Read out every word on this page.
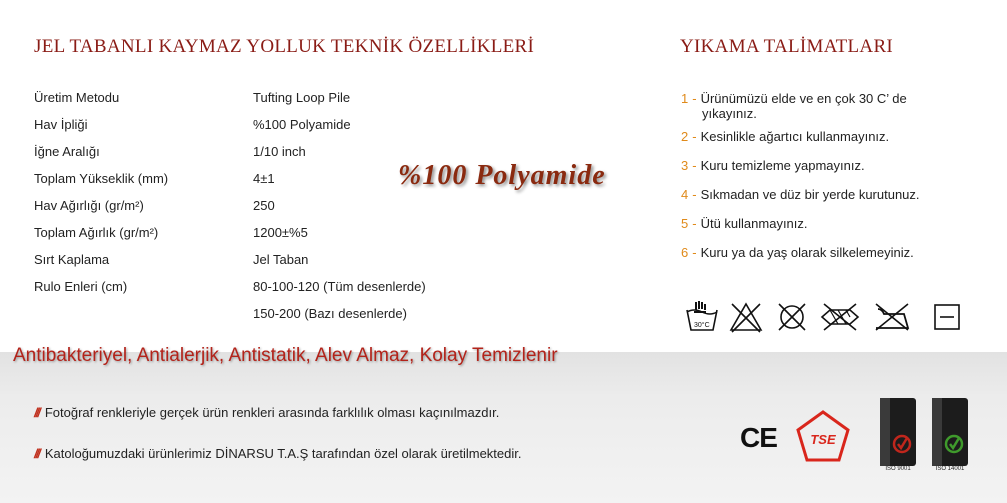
JEL TABANLI KAYMAZ YOLLUK TEKNİK ÖZELLİKLERİ	YIKAMA TALİMATLARI
Üretim Metodu	Tufting Loop Pile
Hav İpliği	%100 Polyamide
İğne Aralığı	1/10 inch
Toplam Yükseklik (mm)	4±1
Hav Ağırlığı (gr/m²)	250
Toplam Ağırlık (gr/m²)	1200±%5
Sırt Kaplama	Jel Taban
Rulo Enleri (cm)	80-100-120 (Tüm desenlerde)
150-200 (Bazı desenlerde)
%100 Polyamide
1 - Ürünümüzü elde ve en çok 30 C’ de
yıkayınız.
2 - Kesinlikle ağartıcı kullanmayınız.
3 - Kuru temizleme yapmayınız.
4 - Sıkmadan ve düz bir yerde kurutunuz.
5 - Ütü kullanmayınız.
6 - Kuru ya da yaş olarak silkelemeyiniz.
30°C
Antibakteriyel, Antialerjik, Antistatik, Alev Almaz, Kolay Temizlenir
/// Fotoğraf renkleriyle gerçek ürün renkleri arasında farklılık olması kaçınılmazdır.
/// Katoloğumuzdaki ürünlerimiz DİNARSU T.A.Ş tarafından özel olarak üretilmektedir.
CE	TSE
ISO 9001	ISO 14001
